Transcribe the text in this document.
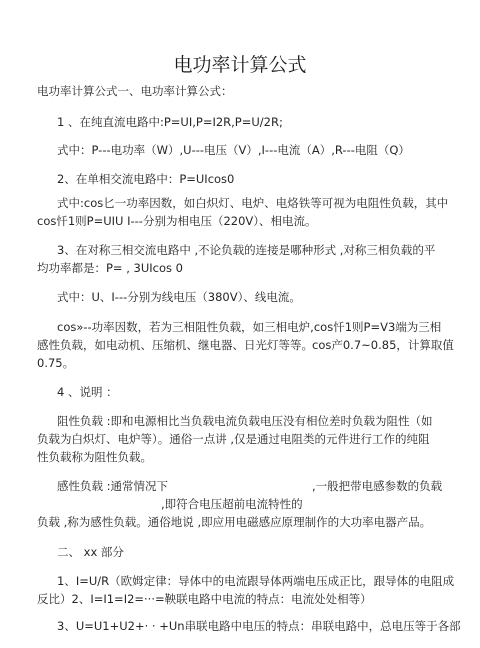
电功率计算公式
电功率计算公式一、电功率计算公式：
1 、在纯直流电路中:P=UI,P=I2R,P=U/2R;
式中：P---电功率（W）,U---电压（V）,I---电流（A）,R---电阻（Q）
2、在单相交流电路中：P=UIcos0
式中:cos匕一功率因数，如白炽灯、电炉、电烙铁等可视为电阻性负载，其中
cos忏1则P=UIU I---分别为相电压（220V）、相电流。
3、在对称三相交流电路中 ,不论负载的连接是哪种形式 ,对称三相负载的平
均功率都是：P= , 3UIcos 0
式中：U、I---分别为线电压（380V）、线电流。
cos»--功率因数，若为三相阻性负载，如三相电炉,cos忏1则P=V3端为三相
感性负载，如电动机、压缩机、继电器、日光灯等等。 cos产0.7~0.85，计算取值
0.75。
4 、说明 ：
阻性负载 :即和电源相比当负载电流负载电压没有相位差时负载为阻性（如
负载为白炽灯、电炉等）。通俗一点讲 ,仅是通过电阻类的元件进行工作的纯阻
性负载称为阻性负载。
感性负载 :通常情况下	,一般把带电感参数的负载
,即符合电压超前电流特性的
负载 ,称为感性负载。通俗地说 ,即应用电磁感应原理制作的大功率电器产品。
二、 xx 部分
1、I=U/R（欧姆定律：导体中的电流跟导体两端电压成正比，跟导体的电阻成
反比）2、I=I1=I2=···=鞅联电路中电流的特点：电流处处相等）
3、U=U1+U2+· · +Un串联电路中电压的特点：串联电路中，总电压等于各部
